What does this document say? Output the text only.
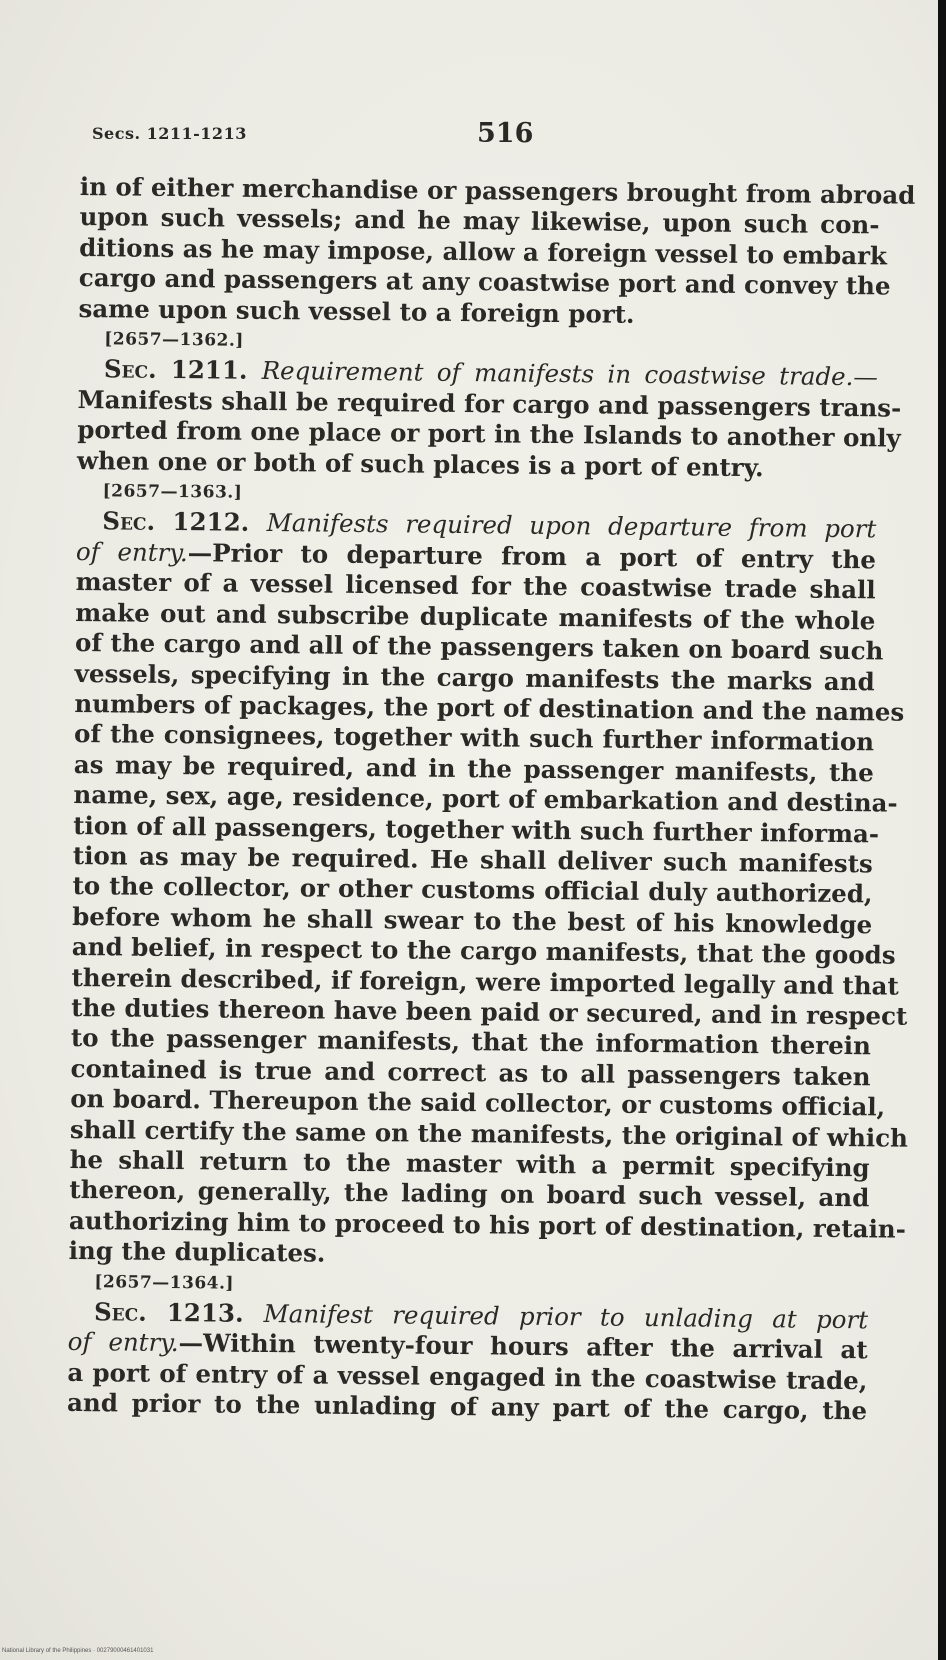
Secs. 1211-1213	516
in of either merchandise or passengers brought from abroad
upon such vessels; and he may likewise, upon such con-
ditions as he may impose, allow a foreign vessel to embark
cargo and passengers at any coastwise port and convey the
same upon such vessel to a foreign port.
[2657—1362.]
Sec. 1211. Requirement of manifests in coastwise trade.—
Manifests shall be required for cargo and passengers trans-
ported from one place or port in the Islands to another only
when one or both of such places is a port of entry.
[2657—1363.]
Sec. 1212. Manifests required upon departure from port
of entry.—Prior to departure from a port of entry the
master of a vessel licensed for the coastwise trade shall
make out and subscribe duplicate manifests of the whole
of the cargo and all of the passengers taken on board such
vessels, specifying in the cargo manifests the marks and
numbers of packages, the port of destination and the names
of the consignees, together with such further information
as may be required, and in the passenger manifests, the
name, sex, age, residence, port of embarkation and destina-
tion of all passengers, together with such further informa-
tion as may be required. He shall deliver such manifests
to the collector, or other customs official duly authorized,
before whom he shall swear to the best of his knowledge
and belief, in respect to the cargo manifests, that the goods
therein described, if foreign, were imported legally and that
the duties thereon have been paid or secured, and in respect
to the passenger manifests, that the information therein
contained is true and correct as to all passengers taken
on board. Thereupon the said collector, or customs official,
shall certify the same on the manifests, the original of which
he shall return to the master with a permit specifying
thereon, generally, the lading on board such vessel, and
authorizing him to proceed to his port of destination, retain-
ing the duplicates.
[2657—1364.]
Sec. 1213. Manifest required prior to unlading at port
of entry.—Within twenty-four hours after the arrival at
a port of entry of a vessel engaged in the coastwise trade,
and prior to the unlading of any part of the cargo, the
National Library of the Philippines · 00279000461401031
